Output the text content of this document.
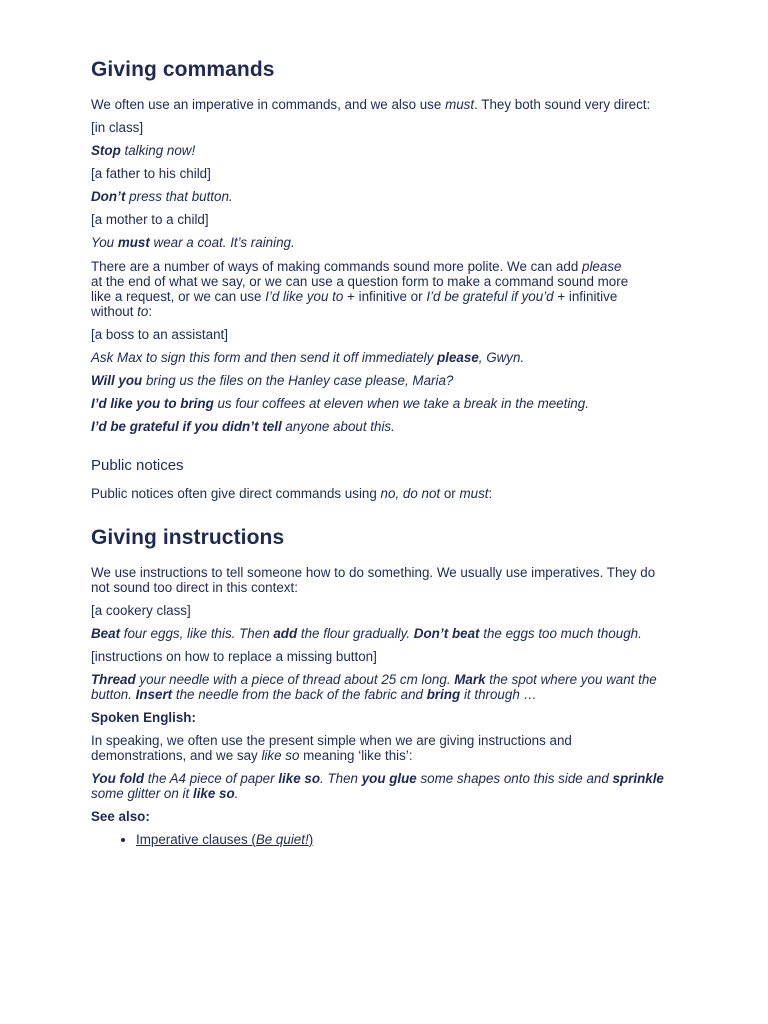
Giving commands

We often use an imperative in commands, and we also use must. They both sound very direct:

[in class]

Stop talking now!

[a father to his child]

Don’t press that button.

[a mother to a child]

You must wear a coat. It’s raining.

There are a number of ways of making commands sound more polite. We can add please at the end of what we say, or we can use a question form to make a command sound more like a request, or we can use I’d like you to + infinitive or I’d be grateful if you’d + infinitive without to:

[a boss to an assistant]

Ask Max to sign this form and then send it off immediately please, Gwyn.

Will you bring us the files on the Hanley case please, Maria?

I’d like you to bring us four coffees at eleven when we take a break in the meeting.

I’d be grateful if you didn’t tell anyone about this.

Public notices

Public notices often give direct commands using no, do not or must:

Giving instructions

We use instructions to tell someone how to do something. We usually use imperatives. They do not sound too direct in this context:

[a cookery class]

Beat four eggs, like this. Then add the flour gradually. Don’t beat the eggs too much though.

[instructions on how to replace a missing button]

Thread your needle with a piece of thread about 25 cm long. Mark the spot where you want the button. Insert the needle from the back of the fabric and bring it through …

Spoken English:

In speaking, we often use the present simple when we are giving instructions and demonstrations, and we say like so meaning ‘like this’:

You fold the A4 piece of paper like so. Then you glue some shapes onto this side and sprinkle some glitter on it like so.

See also:

• Imperative clauses (Be quiet!)
